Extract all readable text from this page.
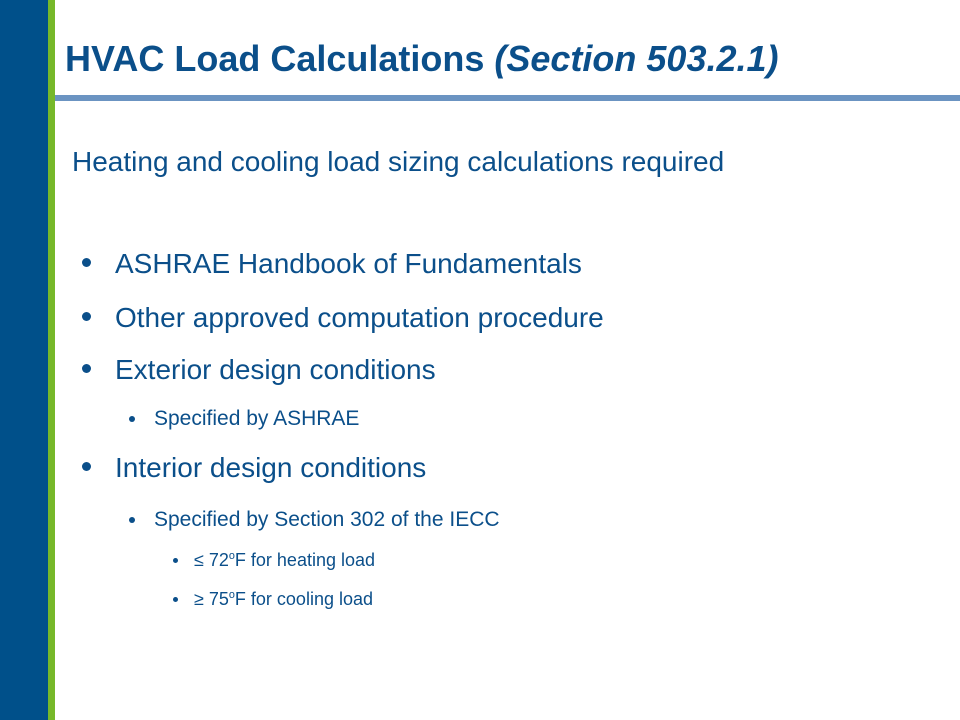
HVAC Load Calculations (Section 503.2.1)

Heating and cooling load sizing calculations required

ASHRAE Handbook of Fundamentals

Other approved computation procedure

Exterior design conditions

Specified by ASHRAE

Interior design conditions

Specified by Section 302 of the IECC

≤ $72^oF$ for heating load

≥ $75^oF$ for cooling load
